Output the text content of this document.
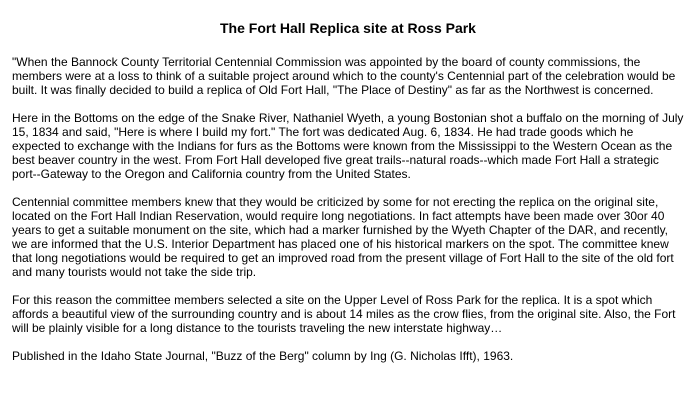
The Fort Hall Replica site at Ross Park

"When the Bannock County Territorial Centennial Commission was appointed by the board of county commissions, the members were at a loss to think of a suitable project around which to the county's Centennial part of the celebration would be built. It was finally decided to build a replica of Old Fort Hall, "The Place of Destiny" as far as the Northwest is concerned.

Here in the Bottoms on the edge of the Snake River, Nathaniel Wyeth, a young Bostonian shot a buffalo on the morning of July 15, 1834 and said, "Here is where I build my fort." The fort was dedicated Aug. 6, 1834. He had trade goods which he expected to exchange with the Indians for furs as the Bottoms were known from the Mississippi to the Western Ocean as the best beaver country in the west. From Fort Hall developed five great trails--natural roads--which made Fort Hall a strategic port--Gateway to the Oregon and California country from the United States.

Centennial committee members knew that they would be criticized by some for not erecting the replica on the original site, located on the Fort Hall Indian Reservation, would require long negotiations. In fact attempts have been made over 30or 40 years to get a suitable monument on the site, which had a marker furnished by the Wyeth Chapter of the DAR, and recently, we are informed that the U.S. Interior Department has placed one of his historical markers on the spot. The committee knew that long negotiations would be required to get an improved road from the present village of Fort Hall to the site of the old fort and many tourists would not take the side trip.

For this reason the committee members selected a site on the Upper Level of Ross Park for the replica. It is a spot which affords a beautiful view of the surrounding country and is about 14 miles as the crow flies, from the original site. Also, the Fort will be plainly visible for a long distance to the tourists traveling the new interstate highway…

Published in the Idaho State Journal, "Buzz of the Berg" column by Ing (G. Nicholas Ifft), 1963.
